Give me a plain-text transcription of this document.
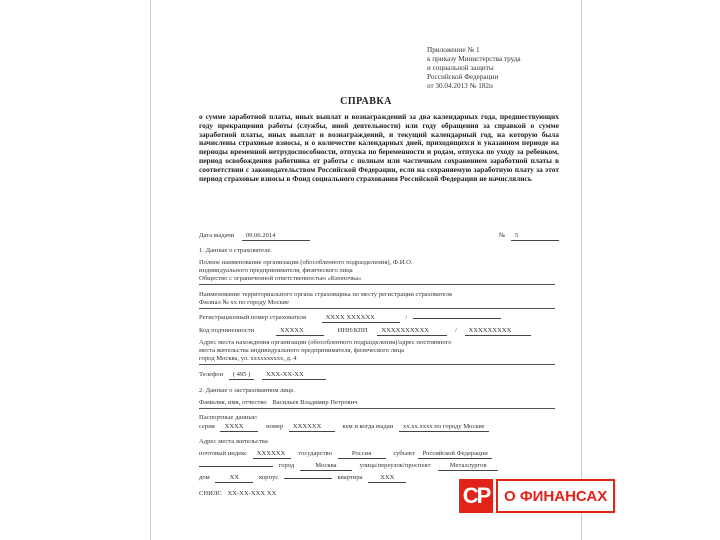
Приложение № 1
к приказу Министерства труда
и социальной защиты
Российской Федерации
от 30.04.2013 № 182н
СПРАВКА
о сумме заработной платы, иных выплат и вознаграждений за два календарных года, предшествующих году прекращения работы (службы, иной деятельности) или году обращения за справкой о сумме заработной платы, иных выплат и вознаграждений, и текущий календарный год, на которую была начислены страховые взносы, и о количестве календарных дней, приходящихся в указанном периоде на периоды временной нетрудоспособности, отпуска по беременности и родам, отпуска по уходу за ребенком, период освобождения работника от работы с полным или частичным сохранением заработной платы в соответствии с законодательством Российской Федерации, если на сохраняемую заработную плату за этот период страховые взносы в Фонд социального страхования Российской Федерации не начислялись
Дата выдачи 09.06.2014	№ 5
1. Данные о страхователе.
Полное наименование организации (обособленного подразделения), Ф.И.О.
индивидуального предпринимателя, физического лица
Общество с ограниченной ответственностью «Кнопочка»
Наименование территориального органа страховщика по месту регистрации страхователя
Филиал № хх по городу Москве
Регистрационный номер страхователя	XXXX XXXXXX	/
Код подчиненности	XXXXX	ИНН/КПП XXXXXXXXXX	/ XXXXXXXXX
Адрес места нахождения организации (обособленного подразделения)/адрес постоянного
места жительства индивидуального предпринимателя, физического лица
город Москва, ул. xxxxxxxxxx, д. 4
Телефон ( 495 ) XXX-XX-XX
2. Данные о застрахованном лице.
Фамилия, имя, отчество Васильев Владимир Петрович
Паспортные данные:
серия XXXX	номер XXXXXX	кем и когда выдан xx.xx.xxxx по городу Москве
Адрес места жительства
почтовый индекс XXXXXX государство	Россия	субъект Российской Федерации
город	Москва	улица/переулок/проспект	Металлургов
дом	XX	корпус	квартира	XXX
СНИЛС XX-XX-XXX XX	СР О ФИНАНСАХ
